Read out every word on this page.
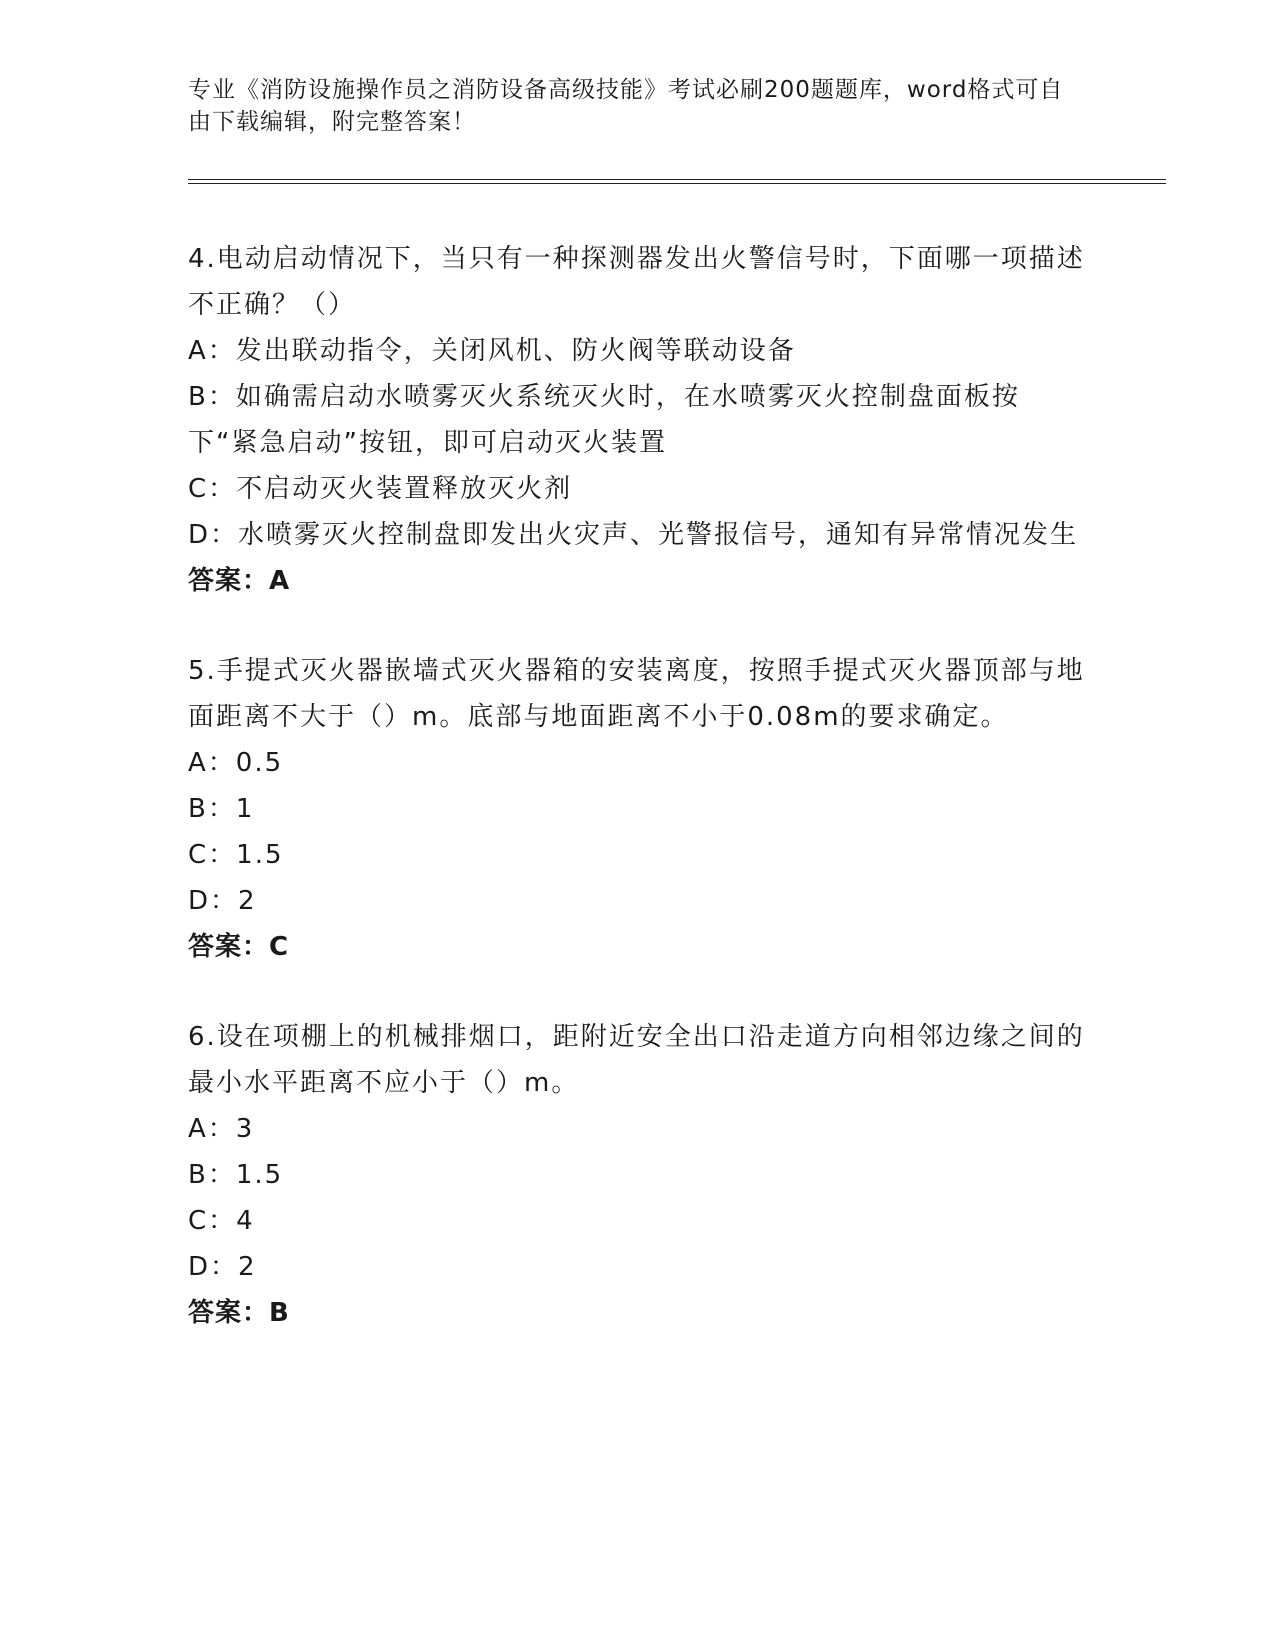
专业《消防设施操作员之消防设备高级技能》考试必刷200题题库，word格式可自由下载编辑，附完整答案！

4.电动启动情况下，当只有一种探测器发出火警信号时，下面哪一项描述不正确？（）

A：发出联动指令，关闭风机、防火阀等联动设备

B：如确需启动水喷雾灭火系统灭火时，在水喷雾灭火控制盘面板按下“紧急启动”按钮，即可启动灭火装置

C：不启动灭火装置释放灭火剂

D：水喷雾灭火控制盘即发出火灾声、光警报信号，通知有异常情况发生

答案：A

5.手提式灭火器嵌墙式灭火器箱的安装离度，按照手提式灭火器顶部与地面距离不大于（）m。底部与地面距离不小于0.08m的要求确定。

A：0.5

B：1

C：1.5

D：2

答案：C

6.设在项棚上的机械排烟口，距附近安全出口沿走道方向相邻边缘之间的最小水平距离不应小于（）m。

A：3

B：1.5

C：4

D：2

答案：B
